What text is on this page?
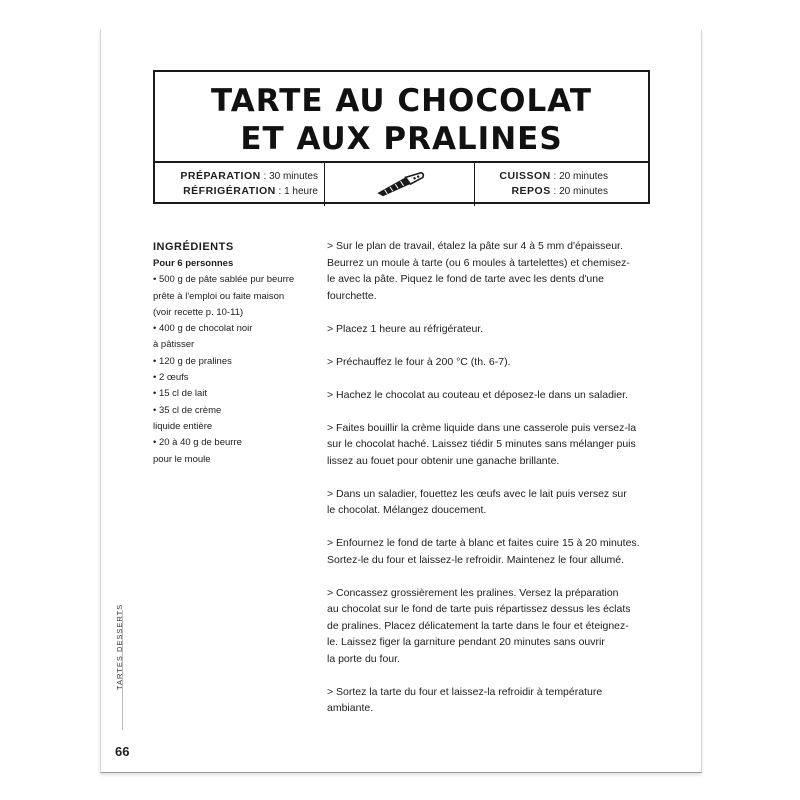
TARTE AU CHOCOLAT
ET AUX PRALINES
PRÉPARATION : 30 minutes
RÉFRIGÉRATION : 1 heure
CUISSON : 20 minutes
REPOS : 20 minutes
INGRÉDIENTS
Pour 6 personnes
• 500 g de pâte sablée pur beurre
prête à l'emploi ou faite maison
(voir recette p. 10-11)
• 400 g de chocolat noir
à pâtisser
• 120 g de pralines
• 2 œufs
• 15 cl de lait
• 35 cl de crème
liquide entière
• 20 à 40 g de beurre
pour le moule
> Sur le plan de travail, étalez la pâte sur 4 à 5 mm d'épaisseur.
Beurrez un moule à tarte (ou 6 moules à tartelettes) et chemisez-
le avec la pâte. Piquez le fond de tarte avec les dents d'une
fourchette.
> Placez 1 heure au réfrigérateur.
> Préchauffez le four à 200 °C (th. 6-7).
> Hachez le chocolat au couteau et déposez-le dans un saladier.
> Faites bouillir la crème liquide dans une casserole puis versez-la
sur le chocolat haché. Laissez tiédir 5 minutes sans mélanger puis
lissez au fouet pour obtenir une ganache brillante.
> Dans un saladier, fouettez les œufs avec le lait puis versez sur
le chocolat. Mélangez doucement.
> Enfournez le fond de tarte à blanc et faites cuire 15 à 20 minutes.
Sortez-le du four et laissez-le refroidir. Maintenez le four allumé.
> Concassez grossièrement les pralines. Versez la préparation
au chocolat sur le fond de tarte puis répartissez dessus les éclats
de pralines. Placez délicatement la tarte dans le four et éteignez-
le. Laissez figer la garniture pendant 20 minutes sans ouvrir
la porte du four.
> Sortez la tarte du four et laissez-la refroidir à température
ambiante.
TARTES DESSERTS
66
